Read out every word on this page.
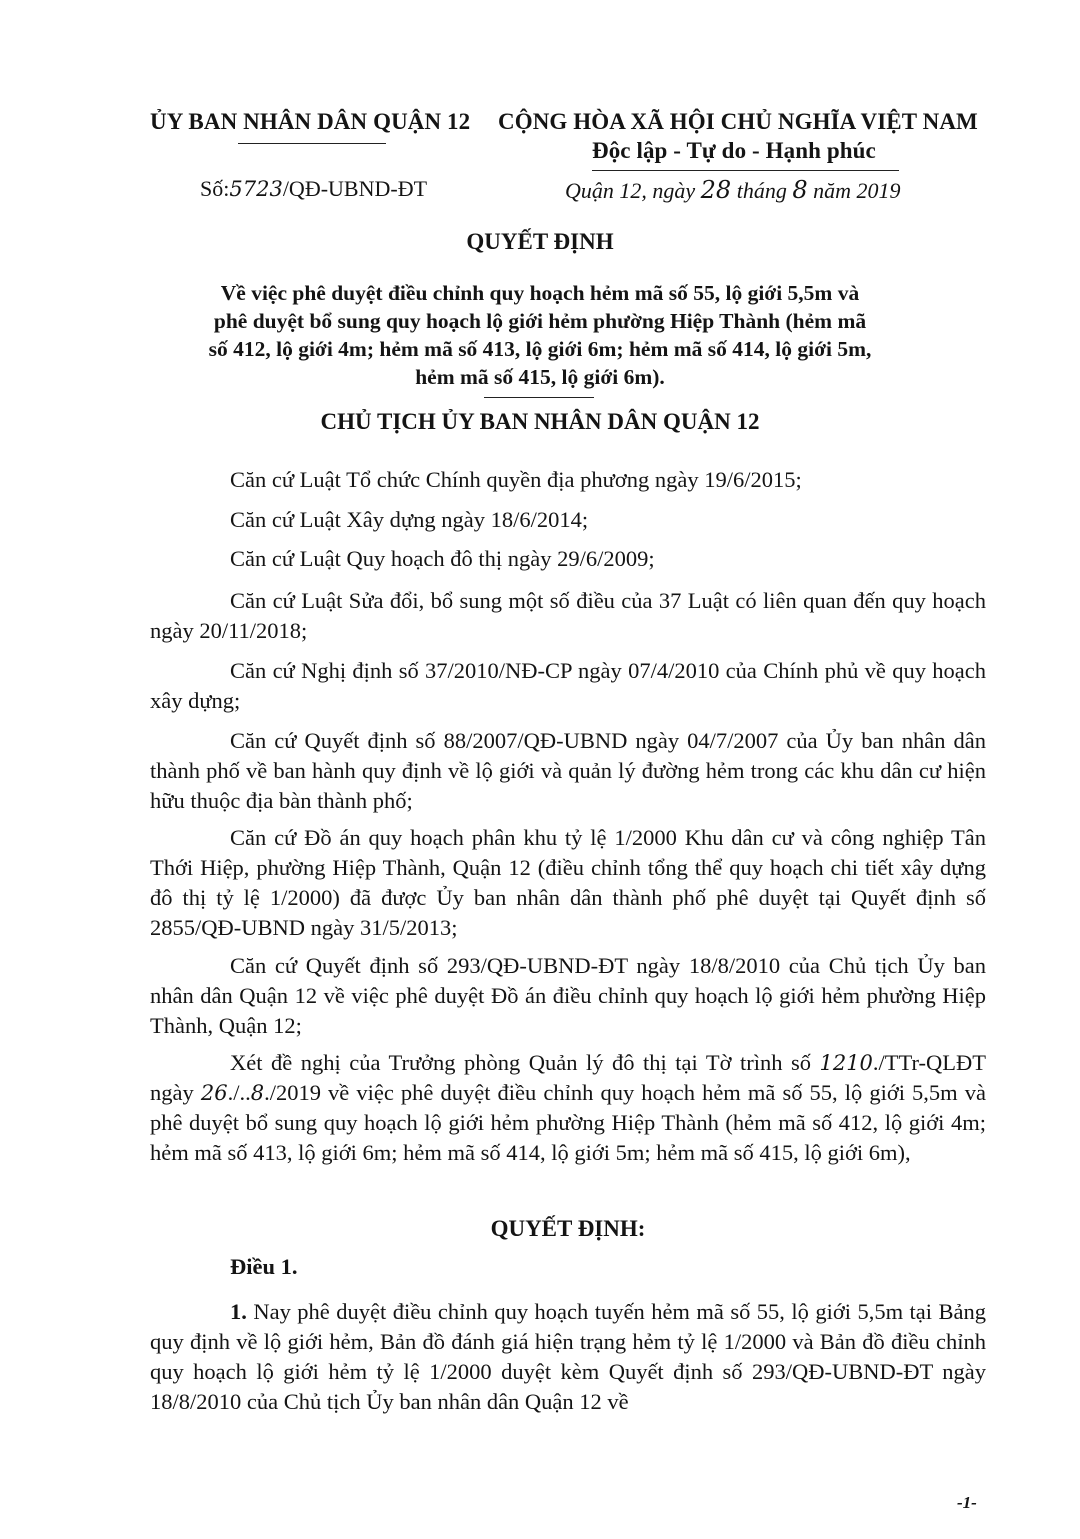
ỦY BAN NHÂN DÂN QUẬN 12 CỘNG HÒA XÃ HỘI CHỦ NGHĨA VIỆT NAM
Độc lập - Tự do - Hạnh phúc
Số:5723/QĐ-UBND-ĐT	Quận 12, ngày 28 tháng 8 năm 2019
QUYẾT ĐỊNH
Về việc phê duyệt điều chỉnh quy hoạch hẻm mã số 55, lộ giới 5,5m và
phê duyệt bổ sung quy hoạch lộ giới hẻm phường Hiệp Thành (hẻm mã
số 412, lộ giới 4m; hẻm mã số 413, lộ giới 6m; hẻm mã số 414, lộ giới 5m,
hẻm mã số 415, lộ giới 6m).
CHỦ TỊCH ỦY BAN NHÂN DÂN QUẬN 12
Căn cứ Luật Tổ chức Chính quyền địa phương ngày 19/6/2015;
Căn cứ Luật Xây dựng ngày 18/6/2014;
Căn cứ Luật Quy hoạch đô thị ngày 29/6/2009;
Căn cứ Luật Sửa đổi, bổ sung một số điều của 37 Luật có liên quan đến quy hoạch ngày 20/11/2018;
Căn cứ Nghị định số 37/2010/NĐ-CP ngày 07/4/2010 của Chính phủ về quy hoạch xây dựng;
Căn cứ Quyết định số 88/2007/QĐ-UBND ngày 04/7/2007 của Ủy ban nhân dân thành phố về ban hành quy định về lộ giới và quản lý đường hẻm trong các khu dân cư hiện hữu thuộc địa bàn thành phố;
Căn cứ Đồ án quy hoạch phân khu tỷ lệ 1/2000 Khu dân cư và công nghiệp Tân Thới Hiệp, phường Hiệp Thành, Quận 12 (điều chỉnh tổng thể quy hoạch chi tiết xây dựng đô thị tỷ lệ 1/2000) đã được Ủy ban nhân dân thành phố phê duyệt tại Quyết định số 2855/QĐ-UBND ngày 31/5/2013;
Căn cứ Quyết định số 293/QĐ-UBND-ĐT ngày 18/8/2010 của Chủ tịch Ủy ban nhân dân Quận 12 về việc phê duyệt Đồ án điều chỉnh quy hoạch lộ giới hẻm phường Hiệp Thành, Quận 12;
Xét đề nghị của Trưởng phòng Quản lý đô thị tại Tờ trình số 1210./TTr-QLĐT ngày 26./..8./2019 về việc phê duyệt điều chỉnh quy hoạch hẻm mã số 55, lộ giới 5,5m và phê duyệt bổ sung quy hoạch lộ giới hẻm phường Hiệp Thành (hẻm mã số 412, lộ giới 4m; hẻm mã số 413, lộ giới 6m; hẻm mã số 414, lộ giới 5m; hẻm mã số 415, lộ giới 6m),
QUYẾT ĐỊNH:
Điều 1.
1. Nay phê duyệt điều chỉnh quy hoạch tuyến hẻm mã số 55, lộ giới 5,5m tại Bảng quy định về lộ giới hẻm, Bản đồ đánh giá hiện trạng hẻm tỷ lệ 1/2000 và Bản đồ điều chỉnh quy hoạch lộ giới hẻm tỷ lệ 1/2000 duyệt kèm Quyết định số 293/QĐ-UBND-ĐT ngày 18/8/2010 của Chủ tịch Ủy ban nhân dân Quận 12 về
-1-
